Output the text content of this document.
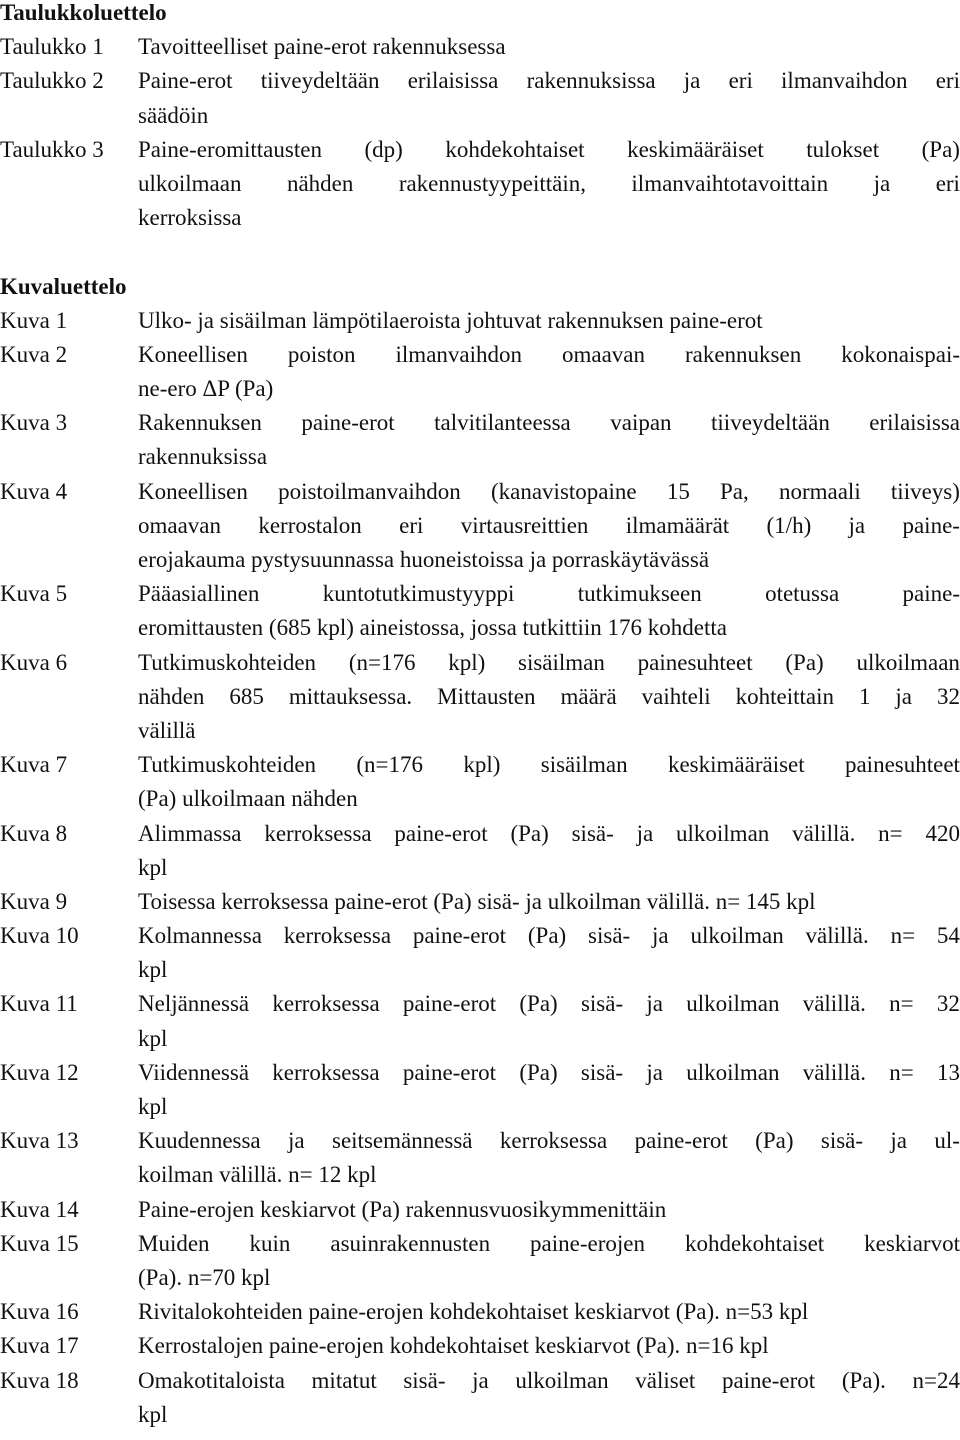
Taulukkoluettelo
Taulukko 1	Tavoitteelliset paine-erot rakennuksessa
Taulukko 2	Paine-erot tiiveydeltään erilaisissa rakennuksissa ja eri ilmanvaihdon eri
säädöin
Taulukko 3	Paine-eromittausten (dp) kohdekohtaiset keskimääräiset tulokset (Pa)
ulkoilmaan nähden rakennustyypeittäin, ilmanvaihtotavoittain ja eri
kerroksissa
Kuvaluettelo
Kuva 1	Ulko- ja sisäilman lämpötilaeroista johtuvat rakennuksen paine-erot
Kuva 2	Koneellisen poiston ilmanvaihdon omaavan rakennuksen kokonaispai-
ne-ero ΔP (Pa)
Kuva 3	Rakennuksen paine-erot talvitilanteessa vaipan tiiveydeltään erilaisissa
rakennuksissa
Kuva 4	Koneellisen poistoilmanvaihdon (kanavistopaine 15 Pa, normaali tiiveys)
omaavan kerrostalon eri virtausreittien ilmamäärät (1/h) ja paine-
erojakauma pystysuunnassa huoneistoissa ja porraskäytävässä
Kuva 5	Pääasiallinen	kuntotutkimustyyppi	tutkimukseen	otetussa	paine-
eromittausten (685 kpl) aineistossa, jossa tutkittiin 176 kohdetta
Kuva 6	Tutkimuskohteiden (n=176 kpl) sisäilman painesuhteet (Pa) ulkoilmaan
nähden 685 mittauksessa. Mittausten määrä vaihteli kohteittain 1 ja 32
välillä
Kuva 7	Tutkimuskohteiden (n=176 kpl) sisäilman keskimääräiset painesuhteet
(Pa) ulkoilmaan nähden
Kuva 8	Alimmassa kerroksessa paine-erot (Pa) sisä- ja ulkoilman välillä. n= 420
kpl
Kuva 9	Toisessa kerroksessa paine-erot (Pa) sisä- ja ulkoilman välillä. n= 145 kpl
Kuva 10	Kolmannessa kerroksessa paine-erot (Pa) sisä- ja ulkoilman välillä. n= 54
kpl
Kuva 11	Neljännessä kerroksessa paine-erot (Pa) sisä- ja ulkoilman välillä. n= 32
kpl
Kuva 12	Viidennessä kerroksessa paine-erot (Pa) sisä- ja ulkoilman välillä. n= 13
kpl
Kuva 13	Kuudennessa ja seitsemännessä kerroksessa paine-erot (Pa) sisä- ja ul-
koilman välillä. n= 12 kpl
Kuva 14	Paine-erojen keskiarvot (Pa) rakennusvuosikymmenittäin
Kuva 15	Muiden kuin asuinrakennusten paine-erojen kohdekohtaiset keskiarvot
(Pa). n=70 kpl
Kuva 16	Rivitalokohteiden paine-erojen kohdekohtaiset keskiarvot (Pa). n=53 kpl
Kuva 17	Kerrostalojen paine-erojen kohdekohtaiset keskiarvot (Pa). n=16 kpl
Kuva 18	Omakotitaloista mitatut sisä- ja ulkoilman väliset paine-erot (Pa). n=24
kpl
